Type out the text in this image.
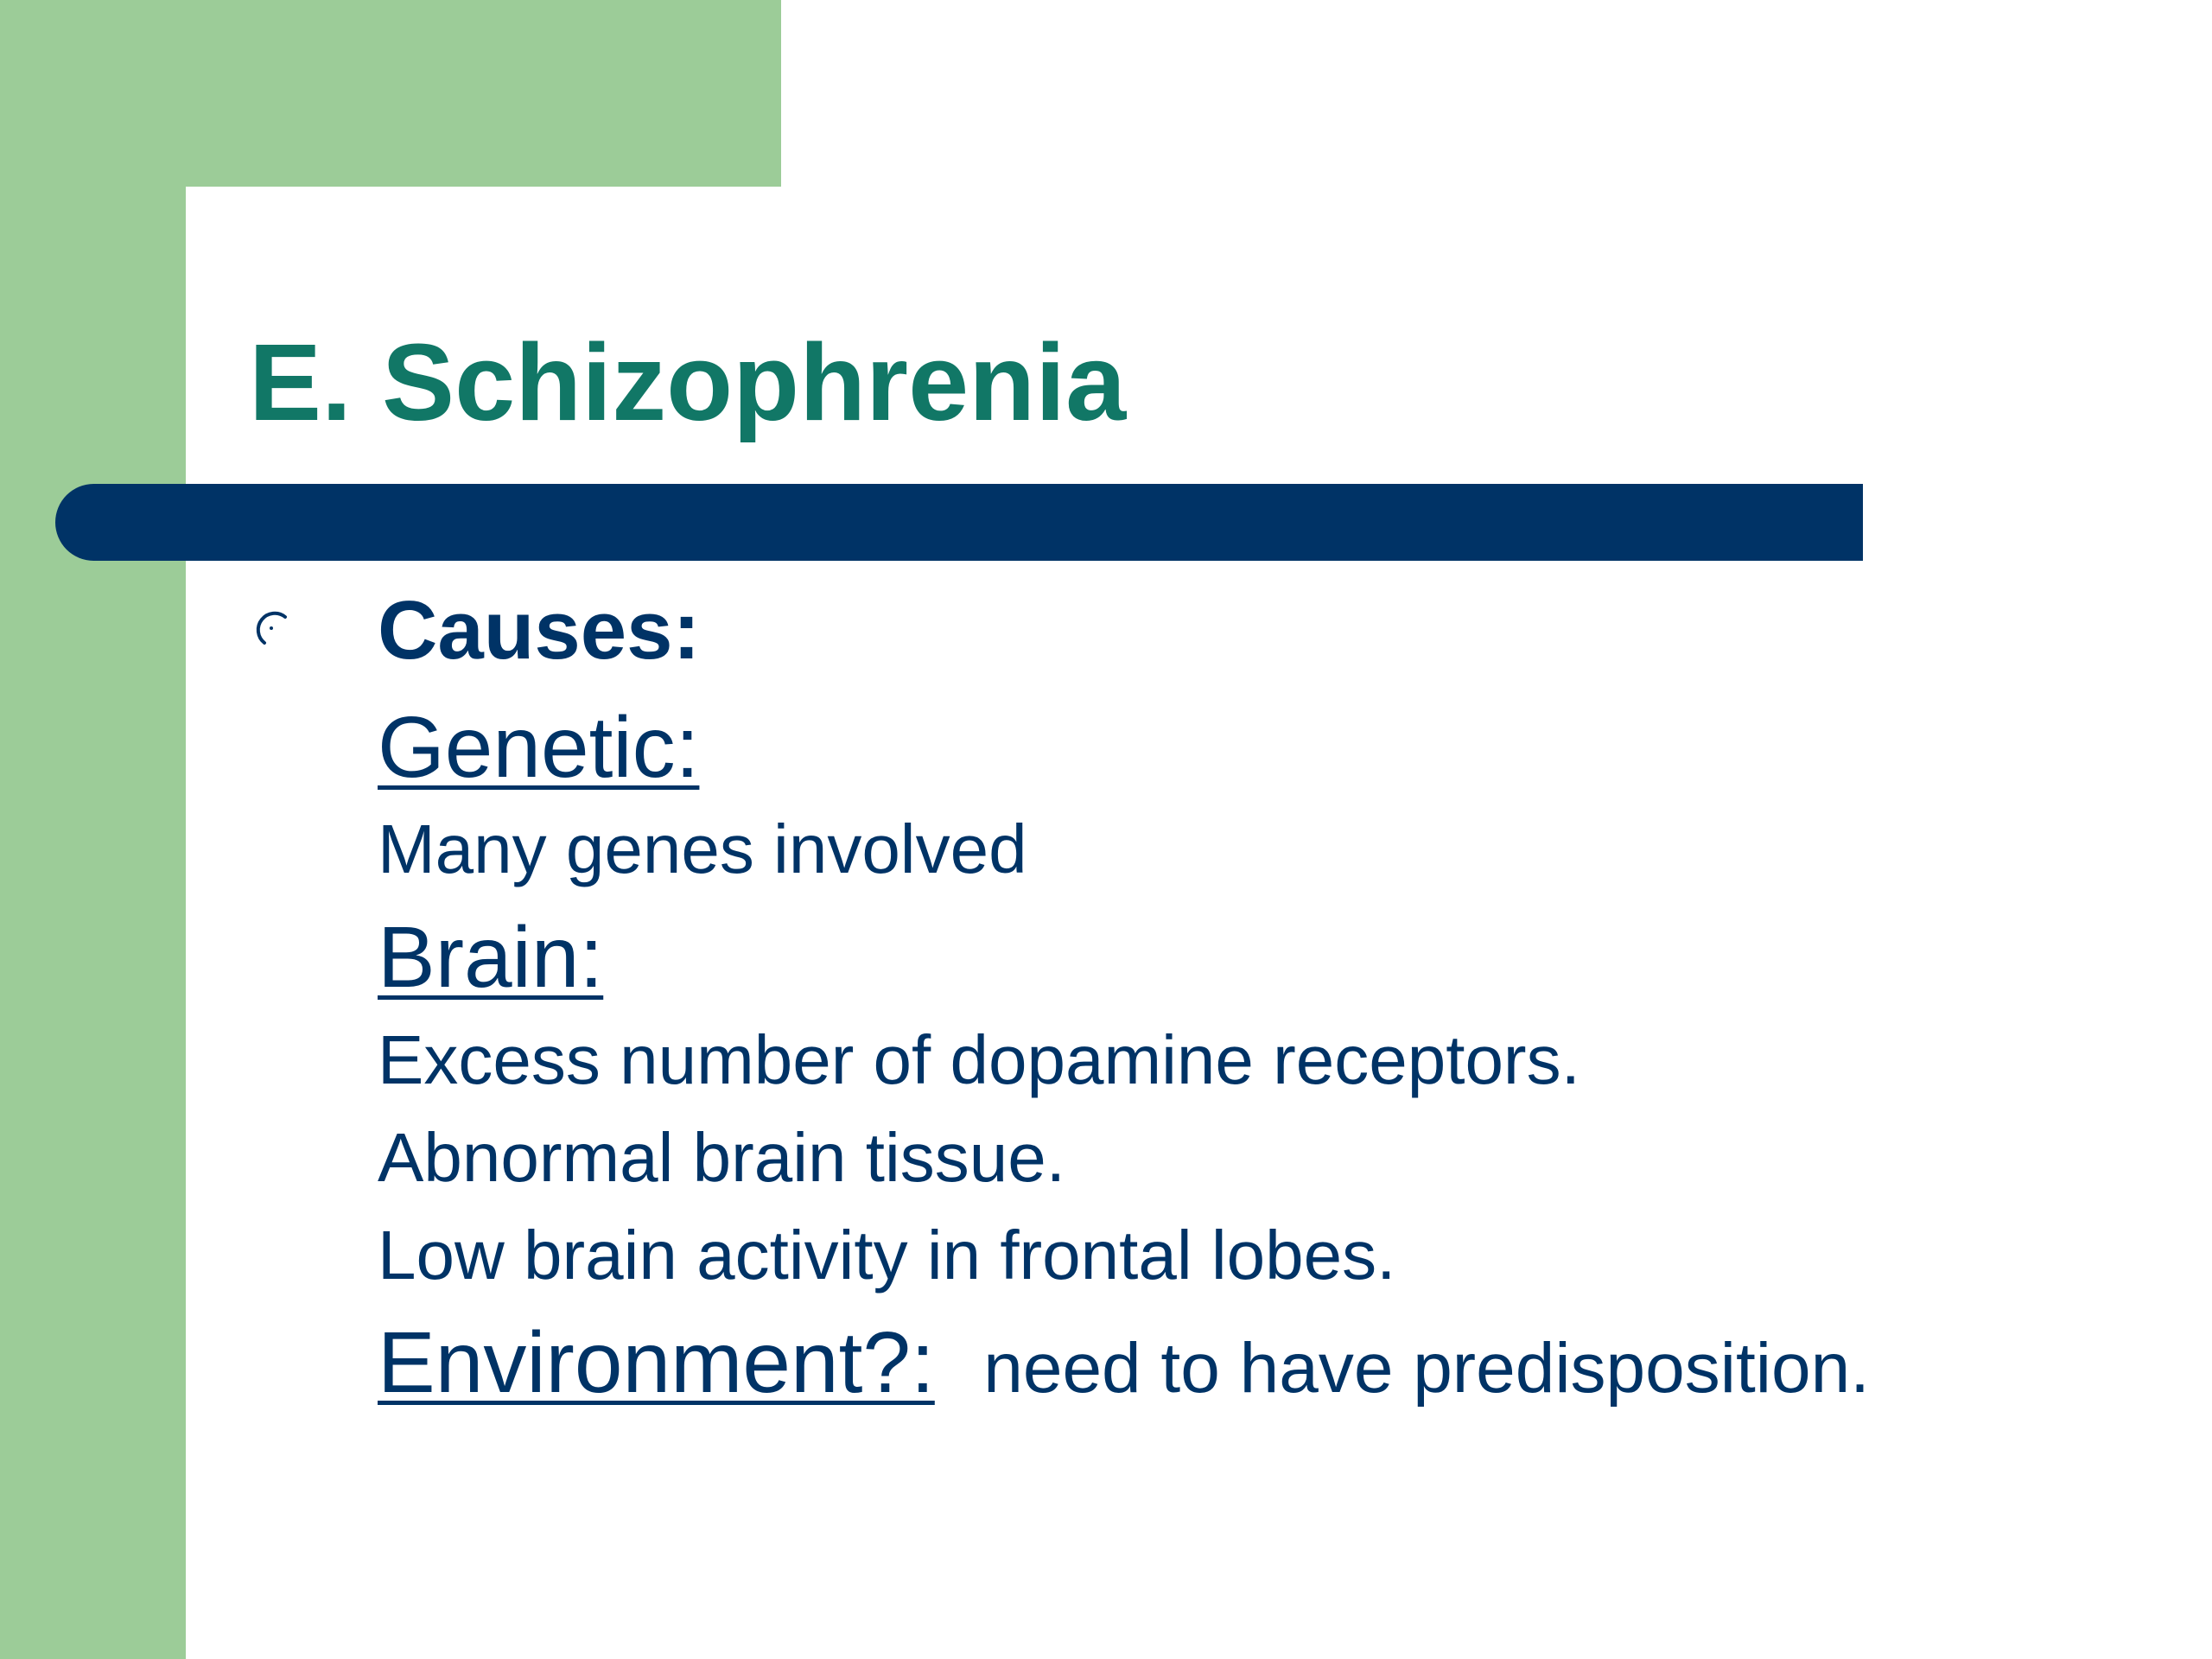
E. Schizophrenia
Causes:
Genetic:
Many genes involved
Brain:
Excess number of dopamine receptors.
Abnormal brain tissue.
Low brain activity in frontal lobes.
Environment?: need to have predisposition.
